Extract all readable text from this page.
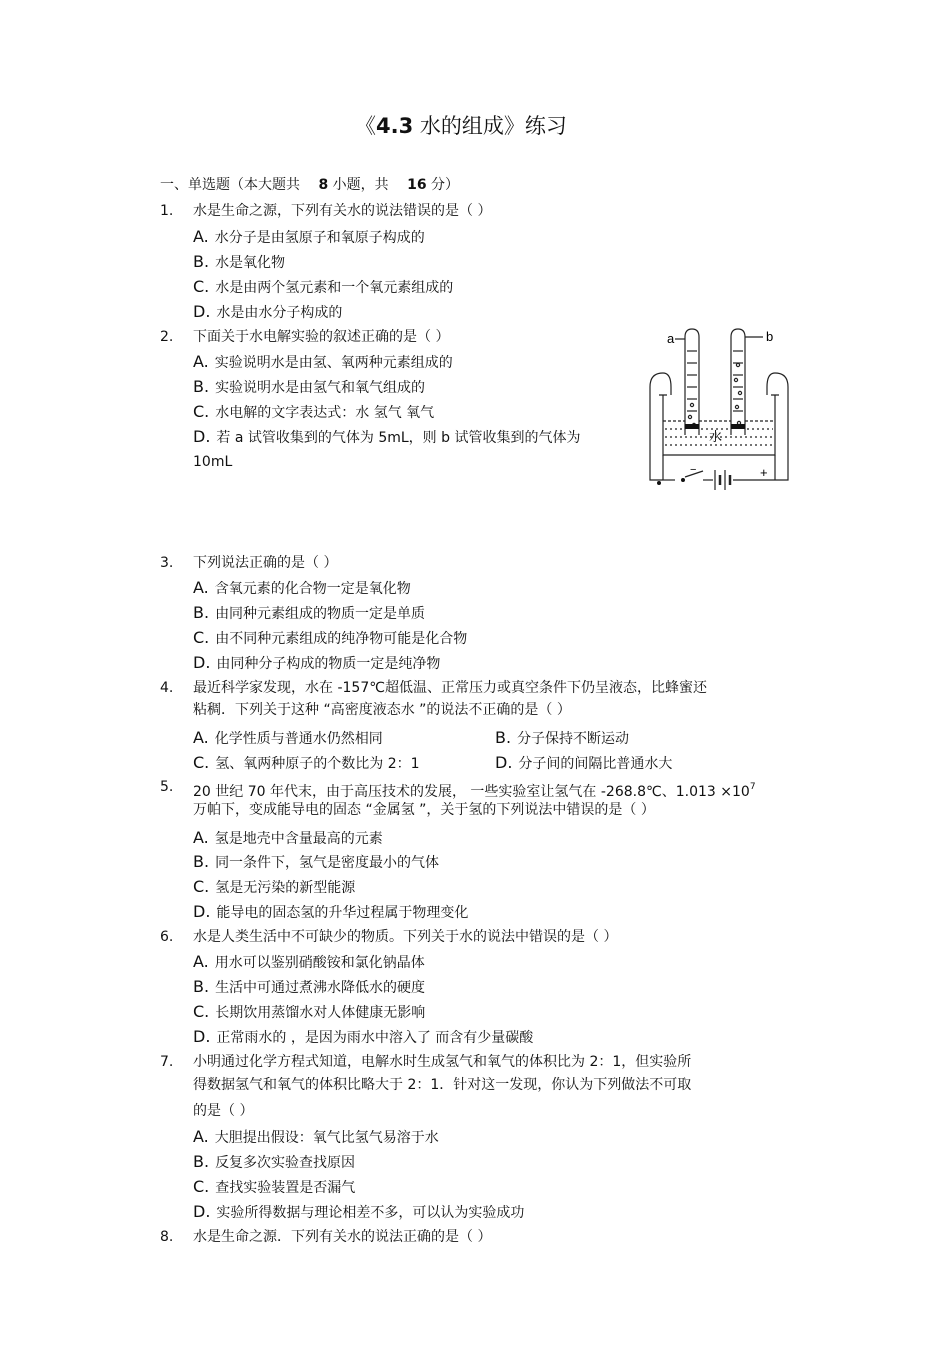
《4.3 水的组成》练习
一、单选题（本大题共 8 小题，共 16 分）
1. 水是生命之源，下列有关水的说法错误的是（ ）
A. 水分子是由氢原子和氧原子构成的
B. 水是氧化物
C. 水是由两个氢元素和一个氧元素组成的
D. 水是由水分子构成的
2. 下面关于水电解实验的叙述正确的是（ ）
A. 实验说明水是由氢、氧两种元素组成的
B. 实验说明水是由氢气和氧气组成的
C. 水电解的文字表达式：水 氢气 氧气
D. 若 a 试管收集到的气体为 5mL，则 b 试管收集到的气体为
10mL
a	b
水
−	+
3. 下列说法正确的是（ ）
A. 含氧元素的化合物一定是氧化物
B. 由同种元素组成的物质一定是单质
C. 由不同种元素组成的纯净物可能是化合物
D. 由同种分子构成的物质一定是纯净物
4. 最近科学家发现，水在 -157℃超低温、正常压力或真空条件下仍呈液态，比蜂蜜还
粘稠．下列关于这种 “高密度液态水 ”的说法不正确的是（ ）
A. 化学性质与普通水仍然相同	B. 分子保持不断运动
C. 氢、氧两种原子的个数比为 2：1	D. 分子间的间隔比普通水大
5. 20 世纪 70 年代末，由于高压技术的发展， 一些实验室让氢气在 -268.8℃、$1.013 \times 10^7$
万帕下，变成能导电的固态 “金属氢 ”，关于氢的下列说法中错误的是（ ）
A. 氢是地壳中含量最高的元素
B. 同一条件下，氢气是密度最小的气体
C. 氢是无污染的新型能源
D. 能导电的固态氢的升华过程属于物理变化
6. 水是人类生活中不可缺少的物质。下列关于水的说法中错误的是（ ）
A. 用水可以鉴别硝酸铵和氯化钠晶体
B. 生活中可通过煮沸水降低水的硬度
C. 长期饮用蒸馏水对人体健康无影响
D. 正常雨水的 ，是因为雨水中溶入了 而含有少量碳酸
7. 小明通过化学方程式知道，电解水时生成氢气和氧气的体积比为 2：1，但实验所
得数据氢气和氧气的体积比略大于 2：1．针对这一发现，你认为下列做法不可取
的是（ ）
A. 大胆提出假设：氧气比氢气易溶于水
B. 反复多次实验查找原因
C. 查找实验装置是否漏气
D. 实验所得数据与理论相差不多，可以认为实验成功
8. 水是生命之源．下列有关水的说法正确的是（ ）
